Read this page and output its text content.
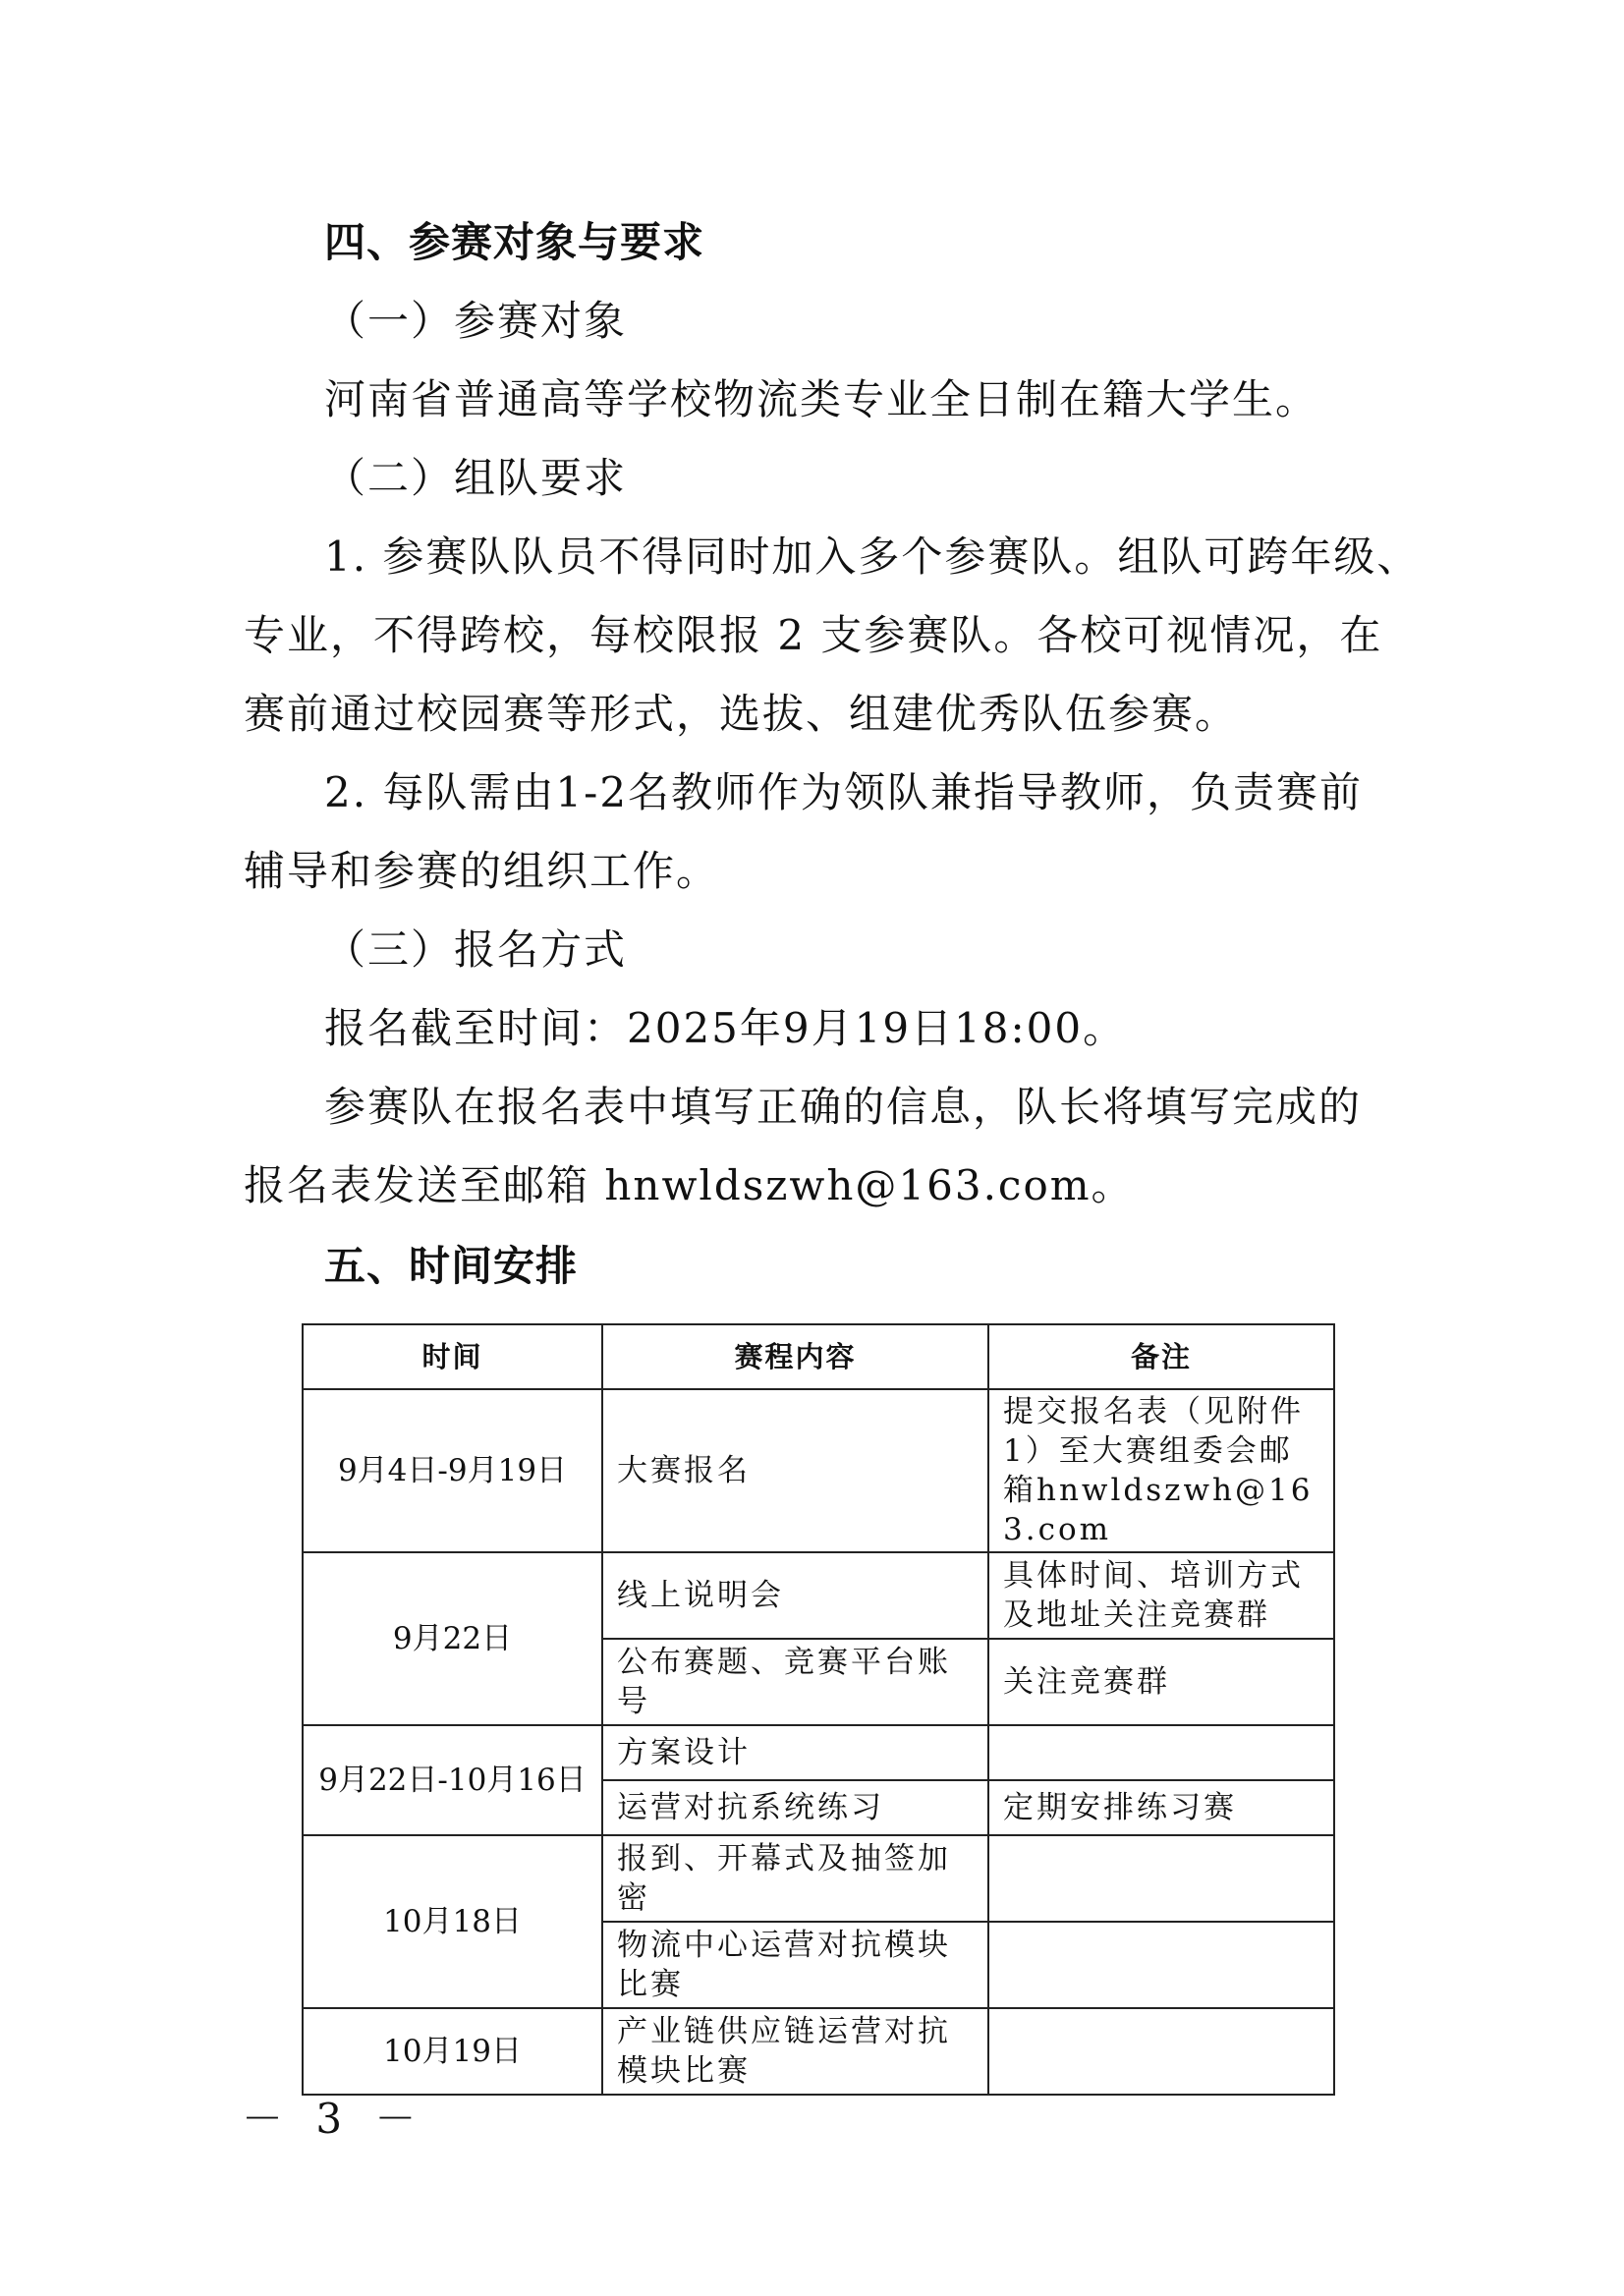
四、参赛对象与要求
（一）参赛对象
河南省普通高等学校物流类专业全日制在籍大学生。
（二）组队要求
1. 参赛队队员不得同时加入多个参赛队。组队可跨年级、
专业，不得跨校，每校限报 2 支参赛队。各校可视情况，在
赛前通过校园赛等形式，选拔、组建优秀队伍参赛。
2. 每队需由1-2名教师作为领队兼指导教师，负责赛前
辅导和参赛的组织工作。
（三）报名方式
报名截至时间：2025年9月19日18:00。
参赛队在报名表中填写正确的信息，队长将填写完成的
报名表发送至邮箱 hnwldszwh@163.com。
五、时间安排
时间	赛程内容	备注
9月4日-9月19日	大赛报名	提交报名表（见附件1）至大赛组委会邮箱hnwldszwh@163.com
9月22日	线上说明会	具体时间、培训方式及地址关注竞赛群
	公布赛题、竞赛平台账号	关注竞赛群
9月22日-10月16日	方案设计	
	运营对抗系统练习	定期安排练习赛
10月18日	报到、开幕式及抽签加密	
	物流中心运营对抗模块比赛	
10月19日	产业链供应链运营对抗模块比赛	
－ 3 －
